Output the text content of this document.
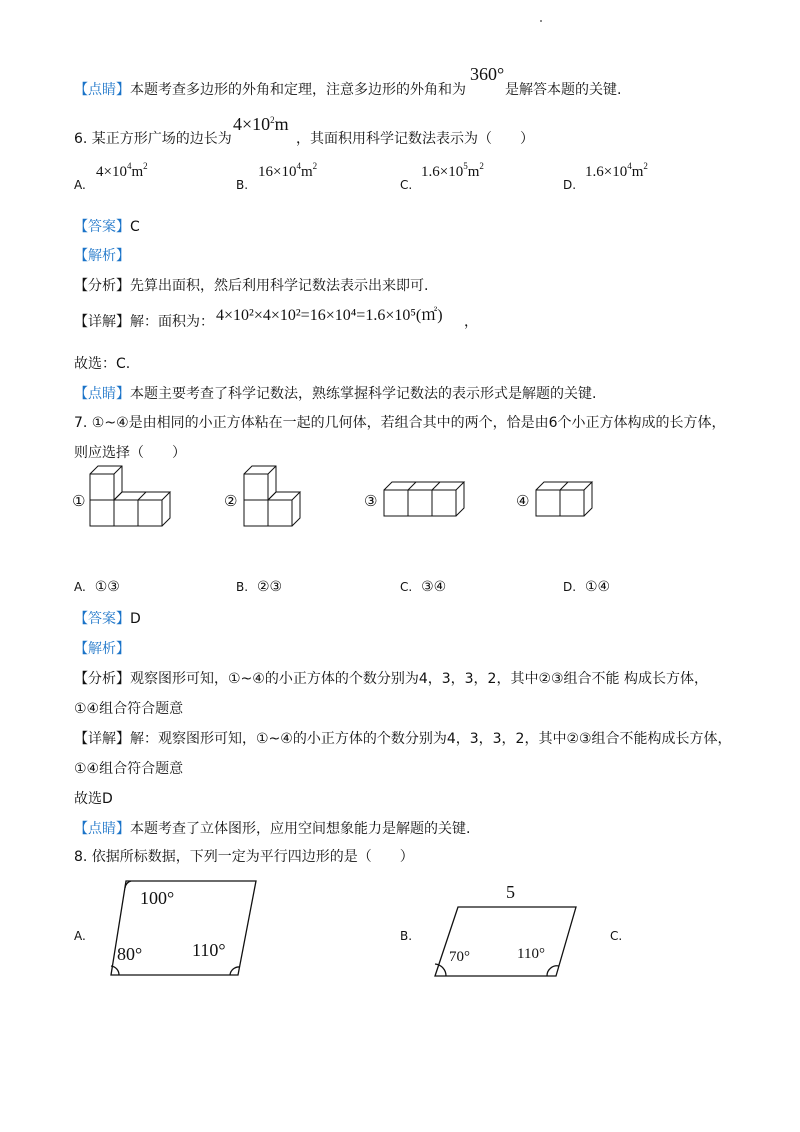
【点睛】本题考查多边形的外角和定理，注意多边形的外角和为
360°
是解答本题的关键.
6. 某正方形广场的边长为
$4\times 10^2m$
，其面积用科学记数法表示为（　　）
A.
$4\times 10^4m^2$
B.
$16\times 10^4m^2$
C.
$1.6\times 10^5m^2$
D.
$1.6\times 10^4m^2$
【答案】C
【解析】
【分析】先算出面积，然后利用科学记数法表示出来即可.
【详解】解：面积为： 4×10²×4×10²=16×10⁴=1.6×10⁵(㎡) ，
故选：C.
【点睛】本题主要考查了科学记数法，熟练掌握科学记数法的表示形式是解题的关键.
7. ①~④是由相同的小正方体粘在一起的几何体，若组合其中的两个，恰是由6个小正方体构成的长方体，
则应选择（　　）
①	②	③	④
A. ①③	B. ②③	C. ③④	D. ①④
【答案】D
【解析】
【分析】观察图形可知，①~④的小正方体的个数分别为4，3，3，2，其中②③组合不能 构成长方体，
①④组合符合题意
【详解】解：观察图形可知，①~④的小正方体的个数分别为4，3，3，2，其中②③组合不能构成长方体，
①④组合符合题意
故选D
【点睛】本题考查了立体图形，应用空间想象能力是解题的关键.
8. 依据所标数据，下列一定为平行四边形的是（　　）
A.
100°
80°	110°
B.
5
70°	110°
C.
